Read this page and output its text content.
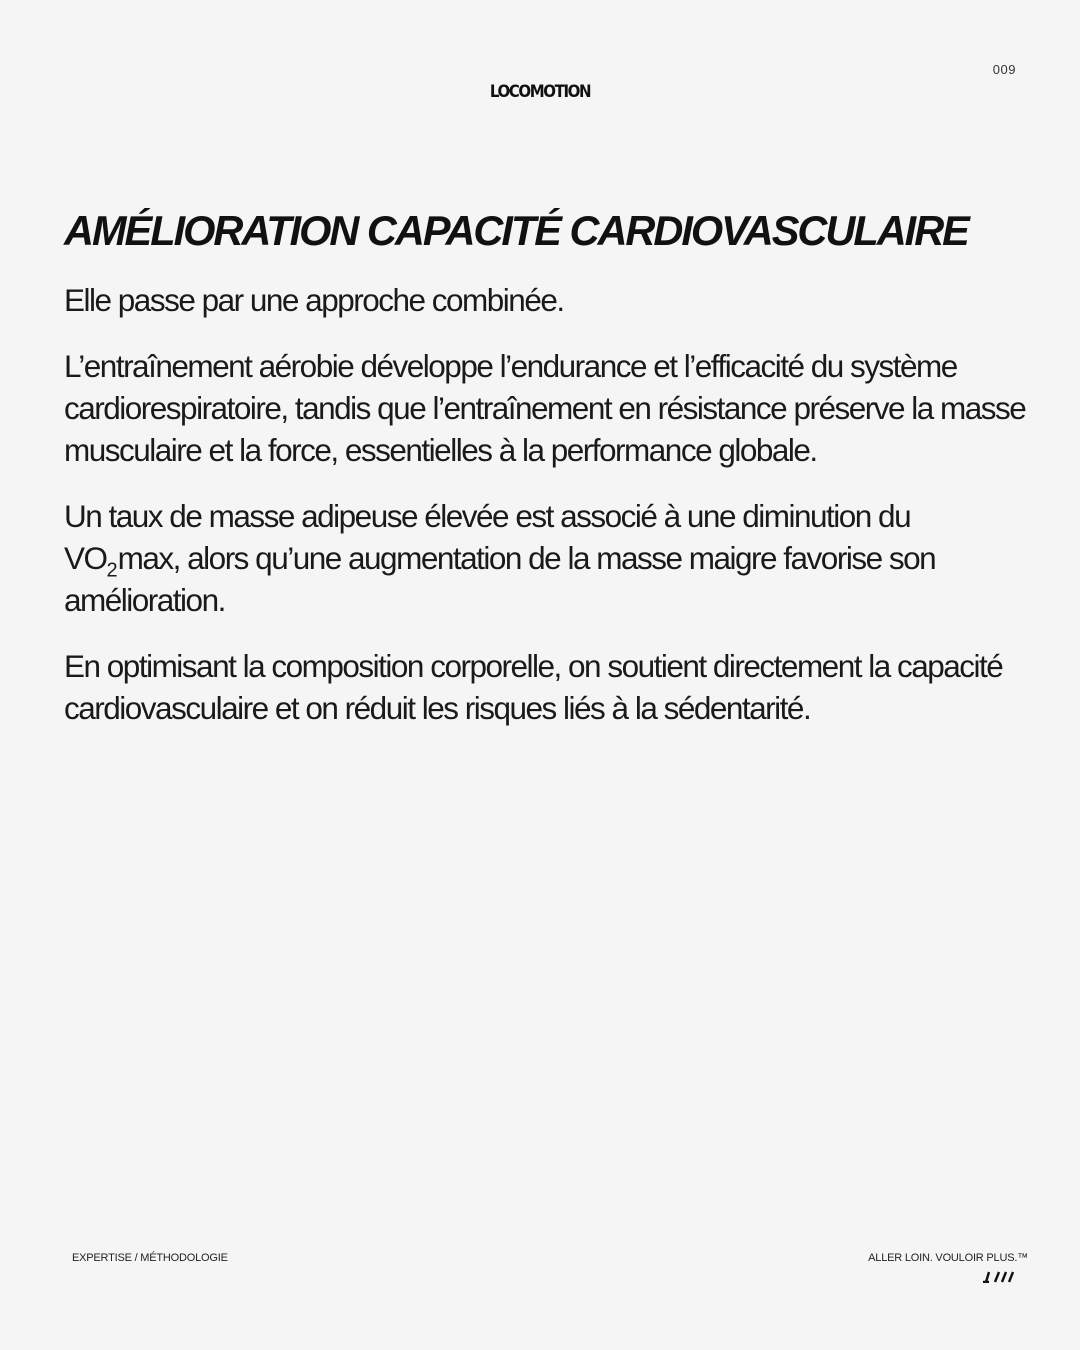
009
LOCOMOTION
AMÉLIORATION CAPACITÉ CARDIOVASCULAIRE

Elle passe par une approche combinée.

L’entraînement aérobie développe l’endurance et l’efficacité du système cardiorespiratoire, tandis que l’entraînement en résistance préserve la masse musculaire et la force, essentielles à la performance globale.

Un taux de masse adipeuse élevée est associé à une diminution du $VO_2\max$, alors qu’une augmentation de la masse maigre favorise son amélioration.

En optimisant la composition corporelle, on soutient directement la capacité cardiovasculaire et on réduit les risques liés à la sédentarité.

EXPERTISE / MÉTHODOLOGIE	ALLER LOIN. VOULOIR PLUS.™
